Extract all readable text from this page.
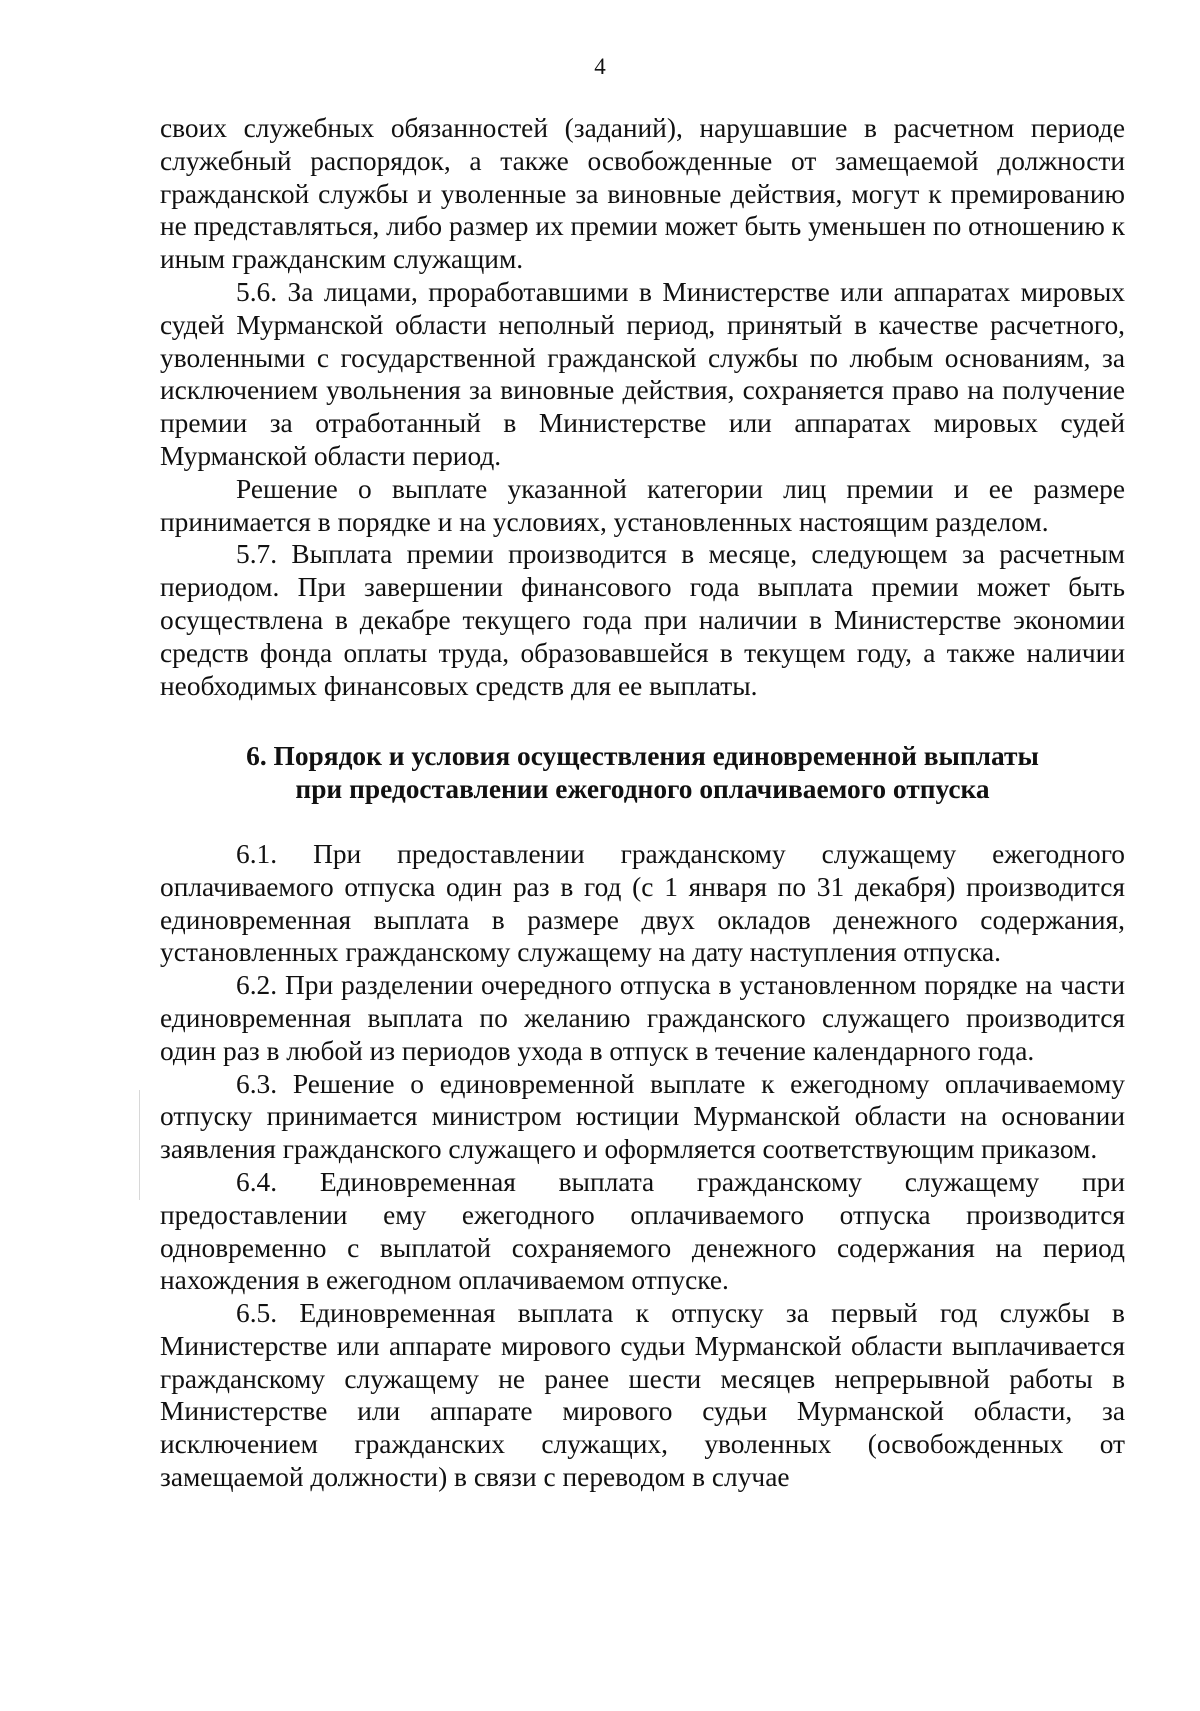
4

своих служебных обязанностей (заданий), нарушавшие в расчетном периоде служебный распорядок, а также освобожденные от замещаемой должности гражданской службы и уволенные за виновные действия, могут к премированию не представляться, либо размер их премии может быть уменьшен по отношению к иным гражданским служащим.

5.6. За лицами, проработавшими в Министерстве или аппаратах мировых судей Мурманской области неполный период, принятый в качестве расчетного, уволенными с государственной гражданской службы по любым основаниям, за исключением увольнения за виновные действия, сохраняется право на получение премии за отработанный в Министерстве или аппаратах мировых судей Мурманской области период.

Решение о выплате указанной категории лиц премии и ее размере принимается в порядке и на условиях, установленных настоящим разделом.

5.7. Выплата премии производится в месяце, следующем за расчетным периодом. При завершении финансового года выплата премии может быть осуществлена в декабре текущего года при наличии в Министерстве экономии средств фонда оплаты труда, образовавшейся в текущем году, а также наличии необходимых финансовых средств для ее выплаты.

6. Порядок и условия осуществления единовременной выплаты
при предоставлении ежегодного оплачиваемого отпуска

6.1. При предоставлении гражданскому служащему ежегодного оплачиваемого отпуска один раз в год (с 1 января по 31 декабря) производится единовременная выплата в размере двух окладов денежного содержания, установленных гражданскому служащему на дату наступления отпуска.

6.2. При разделении очередного отпуска в установленном порядке на части единовременная выплата по желанию гражданского служащего производится один раз в любой из периодов ухода в отпуск в течение календарного года.

6.3. Решение о единовременной выплате к ежегодному оплачиваемому отпуску принимается министром юстиции Мурманской области на основании заявления гражданского служащего и оформляется соответствующим приказом.

6.4. Единовременная выплата гражданскому служащему при предоставлении ему ежегодного оплачиваемого отпуска производится одновременно с выплатой сохраняемого денежного содержания на период нахождения в ежегодном оплачиваемом отпуске.

6.5. Единовременная выплата к отпуску за первый год службы в Министерстве или аппарате мирового судьи Мурманской области выплачивается гражданскому служащему не ранее шести месяцев непрерывной работы в Министерстве или аппарате мирового судьи Мурманской области, за исключением гражданских служащих, уволенных (освобожденных от замещаемой должности) в связи с переводом в случае
